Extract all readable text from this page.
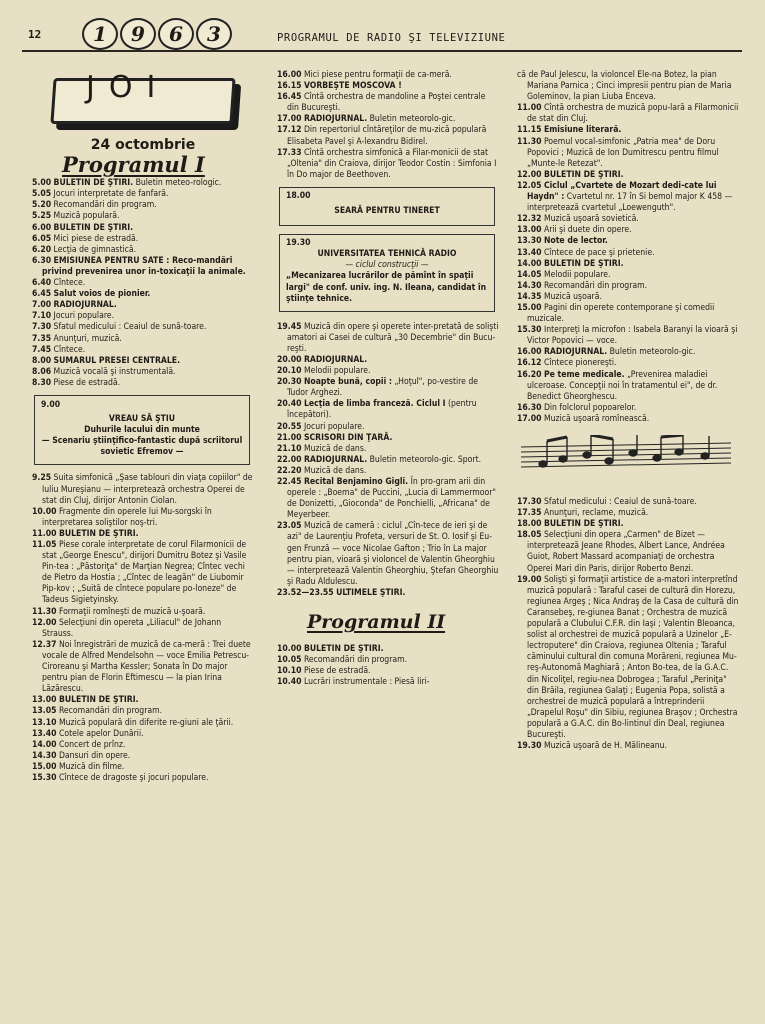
12	1	9	6	3	PROGRAMUL DE RADIO ŞI TELEVIZIUNE
JOI
24 octombrie
Programul I

5.00 BULETIN DE ŞTIRI. Buletin meteo-rologic.

5.05 Jocuri interpretate de fanfară.

5.20 Recomandări din program.

5.25 Muzică populară.

6.00 BULETIN DE ŞTIRI.

6.05 Mici piese de estradă.

6.20 Lecţia de gimnastică.

6.30 EMISIUNEA PENTRU SATE : Reco-mandări privind prevenirea unor in-toxicaţii la animale.

6.40 Cîntece.

6.45 Salut voios de pionier.

7.00 RADIOJURNAL.

7.10 Jocuri populare.

7.30 Sfatul medicului : Ceaiul de sună-toare.

7.35 Anunţuri, muzică.

7.45 Cîntece.

8.00 SUMARUL PRESEI CENTRALE.

8.06 Muzică vocală şi instrumentală.

8.30 Piese de estradă.

9.00
VREAU SĂ ŞTIU
Duhurile lacului din munte
— Scenariu ştiinţifico-fantastic după scriitorul sovietic Efremov —

9.25 Suita simfonică „Şase tablouri din viaţa copiilor" de Iuliu Mureşianu — interpretează orchestra Operei de stat din Cluj, dirijor Antonin Ciolan.

10.00 Fragmente din operele lui Mu-sorgski în interpretarea soliştilor noş-tri.

11.00 BULETIN DE ŞTIRI.

11.05 Piese corale interpretate de corul Filarmonicii de stat „George Enescu", dirijori Dumitru Botez şi Vasile Pin-tea : „Păstoriţa" de Marţian Negrea; Cîntec vechi de Pietro da Hostia ; „Cîntec de leagăn" de Liubomir Pip-kov ; „Suită de cîntece populare po-loneze" de Tadeus Sigietyinsky.

11.30 Formaţii romîneşti de muzică u-şoară.

12.00 Selecţiuni din opereta „Liliacul" de Johann Strauss.

12.37 Noi înregistrări de muzică de ca-meră : Trei duete vocale de Alfred Mendelsohn — voce Emilia Petrescu-Ciroreanu şi Martha Kessler; Sonata în Do major pentru pian de Florin Eftimescu — la pian Irina Lăzărescu.

13.00 BULETIN DE ŞTIRI.

13.05 Recomandări din program.

13.10 Muzică populară din diferite re-giuni ale ţării.

13.40 Cotele apelor Dunării.

14.00 Concert de prînz.

14.30 Dansuri din opere.

15.00 Muzică din filme.

15.30 Cîntece de dragoste şi jocuri populare.

16.00 Mici piese pentru formaţii de ca-meră.

16.15 VORBEŞTE MOSCOVA !

16.45 Cîntă orchestra de mandoline a Poştei centrale din Bucureşti.

17.00 RADIOJURNAL. Buletin meteorolo-gic.

17.12 Din repertoriul cîntăreţilor de mu-zică populară Elisabeta Pavel şi A-lexandru Bidirel.

17.33 Cîntă orchestra simfonică a Filar-monicii de stat „Oltenia" din Craiova, dirijor Teodor Costin : Simfonia I în Do major de Beethoven.

18.00
SEARĂ PENTRU TINERET
19.30
UNIVERSITATEA TEHNICĂ RADIO
— ciclul construcţii —
„Mecanizarea lucrărilor de pămînt în spaţii largi" de conf. univ. ing. N. Ileana, candidat în ştiinţe tehnice.

19.45 Muzică din opere şi operete inter-pretată de solişti amatori ai Casei de cultură „30 Decembrie" din Bucu-reşti.

20.00 RADIOJURNAL.

20.10 Melodii populare.

20.30 Noapte bună, copii : „Hoţul", po-vestire de Tudor Arghezi.

20.40 Lecţia de limba franceză. Ciclul I (pentru începători).

20.55 Jocuri populare.

21.00 SCRISORI DIN ŢARĂ.

21.10 Muzică de dans.

22.00 RADIOJURNAL. Buletin meteorolo-gic. Sport.

22.20 Muzică de dans.

22.45 Recital Benjamino Gigli. În pro-gram arii din operele : „Boema" de Puccini, „Lucia di Lammermoor" de Donizetti, „Gioconda" de Ponchielli, „Africana" de Meyerbeer.

23.05 Muzică de cameră : ciclul „Cîn-tece de ieri şi de azi" de Laurenţiu Profeta, versuri de St. O. Iosif şi Eu-gen Frunză — voce Nicolae Gafton ; Trio în La major pentru pian, vioară şi violoncel de Valentin Gheorghiu — interpretează Valentin Gheorghiu, Ştefan Gheorghiu şi Radu Aldulescu.

23.52—23.55 ULTIMELE ŞTIRI.

Programul II

10.00 BULETIN DE ŞTIRI.

10.05 Recomandări din program.

10.10 Piese de estradă.

10.40 Lucrări instrumentale : Piesă liri-

că de Paul Jelescu, la violoncel Ele-na Botez, la pian Mariana Parnica ; Cinci impresii pentru pian de Maria Goleminov, la pian Liuba Enceva.

11.00 Cîntă orchestra de muzică popu-lară a Filarmonicii de stat din Cluj.

11.15 Emisiune literară.

11.30 Poemul vocal-simfonic „Patria mea" de Doru Popovici ; Muzică de Ion Dumitrescu pentru filmul „Munte-le Retezat".

12.00 BULETIN DE ŞTIRI.

12.05 Ciclul „Cvartete de Mozart dedi-cate lui Haydn" : Cvartetul nr. 17 în Si bemol major K 458 — interpretează cvartetul „Loewenguth".

12.32 Muzică uşoară sovietică.

13.00 Arii şi duete din opere.

13.30 Note de lector.

13.40 Cîntece de pace şi prietenie.

14.00 BULETIN DE ŞTIRI.

14.05 Melodii populare.

14.30 Recomandări din program.

14.35 Muzică uşoară.

15.00 Pagini din operete contemporane şi comedii muzicale.

15.30 Interpreţi la microfon : Isabela Baranyi la vioară şi Victor Popovici — voce.

16.00 RADIOJURNAL. Buletin meteorolo-gic.

16.12 Cîntece pionereşti.

16.20 Pe teme medicale. „Prevenirea maladiei ulceroase. Concepţii noi în tratamentul ei", de dr. Benedict Gheorghescu.

16.30 Din folclorul popoarelor.

17.00 Muzică uşoară romînească.

17.30 Sfatul medicului : Ceaiul de sună-toare.

17.35 Anunţuri, reclame, muzică.

18.00 BULETIN DE ŞTIRI.

18.05 Selecţiuni din opera „Carmen" de Bizet — interpretează Jeane Rhodes, Albert Lance, Andréea Guiot, Robert Massard acompaniaţi de orchestra Operei Mari din Paris, dirijor Roberto Benzi.

19.00 Solişti şi formaţii artistice de a-matori interpretînd muzică populară : Taraful casei de cultură din Horezu, regiunea Argeş ; Nica Andraş de la Casa de cultură din Caransebeş, re-giunea Banat ; Orchestra de muzică populară a Clubului C.F.R. din Iaşi ; Valentin Bleoanca, solist al orchestrei de muzică populară a Uzinelor „E-lectroputere" din Craiova, regiunea Oltenia ; Taraful căminului cultural din comuna Morăreni, regiunea Mu-reş-Autonomă Maghiară ; Anton Bo-tea, de la G.A.C. din Nicoliţel, regiu-nea Dobrogea ; Taraful „Periniţa" din Brăila, regiunea Galaţi ; Eugenia Popa, solistă a orchestrei de muzică populară a întreprinderii „Drapelul Roşu" din Sibiu, regiunea Braşov ; Orchestra populară a G.A.C. din Bo-lintinul din Deal, regiunea Bucureşti.

19.30 Muzică uşoară de H. Mălineanu.
